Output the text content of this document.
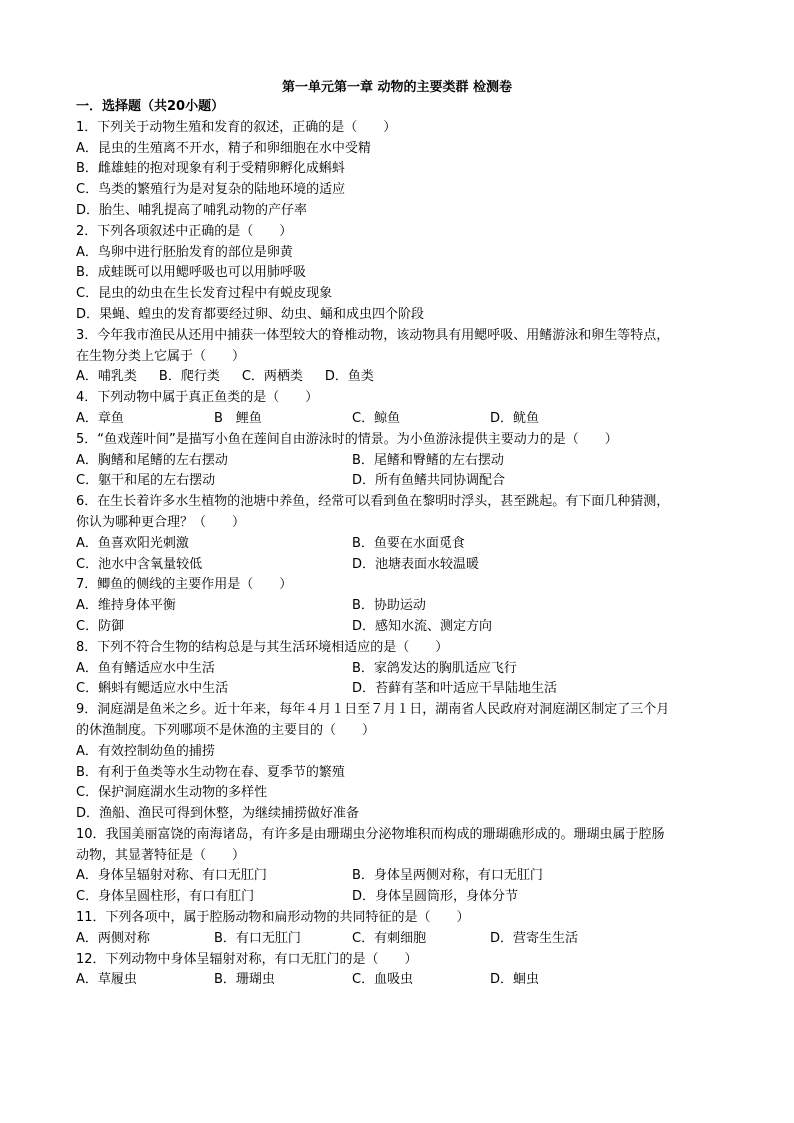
第一单元第一章 动物的主要类群 检测卷
一．选择题（共20小题）
1．下列关于动物生殖和发育的叙述，正确的是（　　）
A．昆虫的生殖离不开水，精子和卵细胞在水中受精
B．雌雄蛙的抱对现象有利于受精卵孵化成蝌蚪
C．鸟类的繁殖行为是对复杂的陆地环境的适应
D．胎生、哺乳提高了哺乳动物的产仔率
2．下列各项叙述中正确的是（　　）
A．鸟卵中进行胚胎发育的部位是卵黄
B．成蛙既可以用鳃呼吸也可以用肺呼吸
C．昆虫的幼虫在生长发育过程中有蜕皮现象
D．果蝇、蝗虫的发育都要经过卵、幼虫、蛹和成虫四个阶段
3．今年我市渔民从还用中捕获一体型较大的脊椎动物，该动物具有用鳃呼吸、用鳍游泳和卵生等特点，
在生物分类上它属于（　　）
A．哺乳类 B．爬行类 C．两栖类 D．鱼类
4．下列动物中属于真正鱼类的是（　　）
A．章鱼	B　鲤鱼	C．鲸鱼	D．鱿鱼
5．“鱼戏莲叶间”是描写小鱼在莲间自由游泳时的情景。为小鱼游泳提供主要动力的是（　　）
A．胸鳍和尾鳍的左右摆动	B．尾鳍和臀鳍的左右摆动
C．躯干和尾的左右摆动	D．所有鱼鳍共同协调配合
6．在生长着许多水生植物的池塘中养鱼，经常可以看到鱼在黎明时浮头，甚至跳起。有下面几种猜测，
你认为哪种更合理？（　　）
A．鱼喜欢阳光刺激	B．鱼要在水面觅食
C．池水中含氧量较低	D．池塘表面水较温暖
7．鲫鱼的侧线的主要作用是（　　）
A．维持身体平衡	B．协助运动
C．防御	D．感知水流、测定方向
8．下列不符合生物的结构总是与其生活环境相适应的是（　　）
A．鱼有鳍适应水中生活	B．家鸽发达的胸肌适应飞行
C．蝌蚪有鳃适应水中生活	D．苔藓有茎和叶适应干旱陆地生活
9．洞庭湖是鱼米之乡。近十年来，每年４月１日至７月１日，湖南省人民政府对洞庭湖区制定了三个月
的休渔制度。下列哪项不是休渔的主要目的（　　）
A．有效控制幼鱼的捕捞
B．有利于鱼类等水生动物在春、夏季节的繁殖
C．保护洞庭湖水生动物的多样性
D．渔船、渔民可得到休整，为继续捕捞做好准备
10．我国美丽富饶的南海诸岛，有许多是由珊瑚虫分泌物堆积而构成的珊瑚礁形成的。珊瑚虫属于腔肠
动物，其显著特征是（　　）
A．身体呈辐射对称、有口无肛门	B．身体呈两侧对称，有口无肛门
C．身体呈圆柱形，有口有肛门	D．身体呈圆筒形，身体分节
11．下列各项中，属于腔肠动物和扁形动物的共同特征的是（　　）
A．两侧对称	B．有口无肛门	C．有刺细胞	D．营寄生生活
12．下列动物中身体呈辐射对称，有口无肛门的是（　　）
A．草履虫	B．珊瑚虫	C．血吸虫	D．蛔虫
